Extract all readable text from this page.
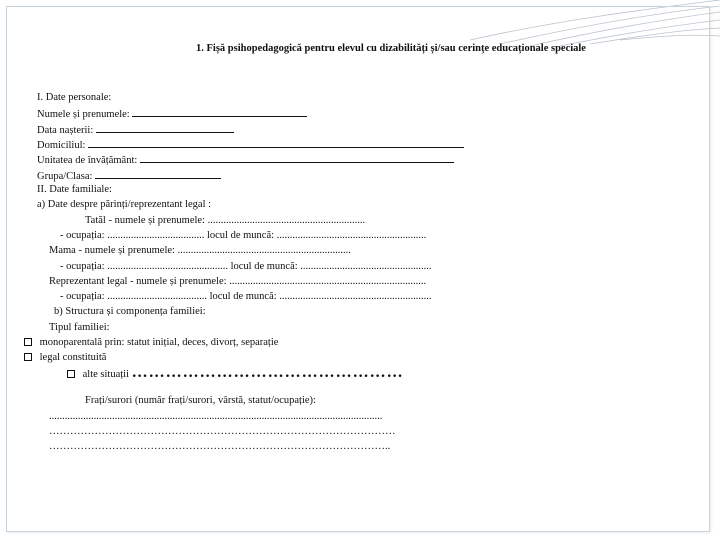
1. Fișă psihopedagogică pentru elevul cu dizabilități și/sau cerințe educaționale speciale
I. Date personale:
Numele și prenumele:
Data nașterii:
Domiciliul:
Unitatea de învățământ:
Grupa/Clasa:
II. Date familiale:
a) Date despre părinți/reprezentant legal :
Tatăl - numele și prenumele: ............................................................
- ocupația: ..................................... locul de muncă: .........................................................
Mama - numele și prenumele: ..................................................................
- ocupația: .............................................. locul de muncă: ..................................................
Reprezentant legal - numele și prenumele: ...........................................................................
- ocupația: ...................................... locul de muncă: ..........................................................
b) Structura și componența familiei:
Tipul familiei:
monoparentală prin: statut inițial, deces, divorț, separație
legal constituită
alte situații …………………………………………
Frați/surori (număr frați/surori, vârstă, statut/ocupație):
...............................................................................................................................
………………………………………………………………………………………
……………………………………………………………………………………..
